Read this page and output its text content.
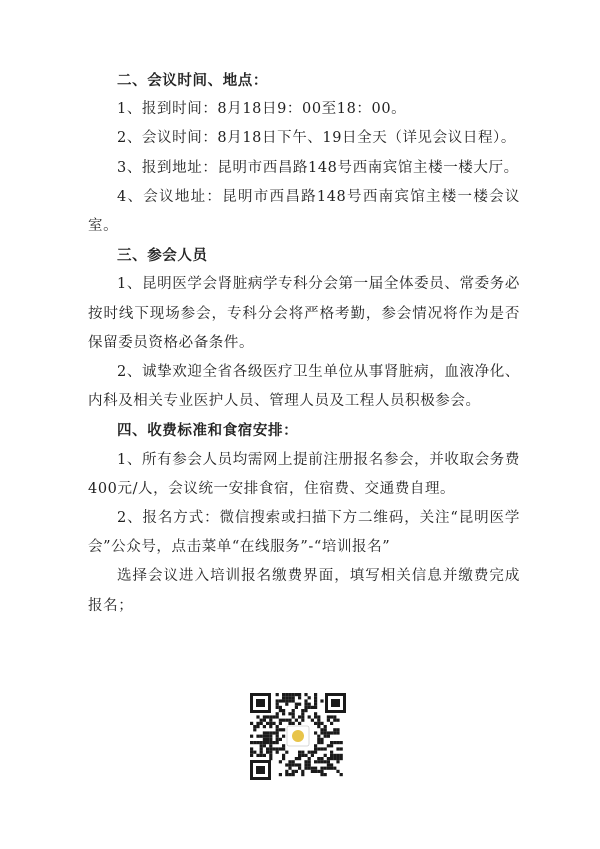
二、会议时间、地点：

1、报到时间：8月18日9：00至18：00。

2、会议时间：8月18日下午、19日全天（详见会议日程）。

3、报到地址：昆明市西昌路148号西南宾馆主楼一楼大厅。

4、会议地址：昆明市西昌路148号西南宾馆主楼一楼会议室。

三、参会人员

1、昆明医学会肾脏病学专科分会第一届全体委员、常委务必按时线下现场参会，专科分会将严格考勤，参会情况将作为是否保留委员资格必备条件。

2、诚挚欢迎全省各级医疗卫生单位从事肾脏病，血液净化、内科及相关专业医护人员、管理人员及工程人员积极参会。

四、收费标准和食宿安排：

1、所有参会人员均需网上提前注册报名参会，并收取会务费400元/人，会议统一安排食宿，住宿费、交通费自理。

2、报名方式：微信搜索或扫描下方二维码，关注“昆明医学会”公众号，点击菜单“在线服务”-“培训报名”

选择会议进入培训报名缴费界面，填写相关信息并缴费完成报名；
